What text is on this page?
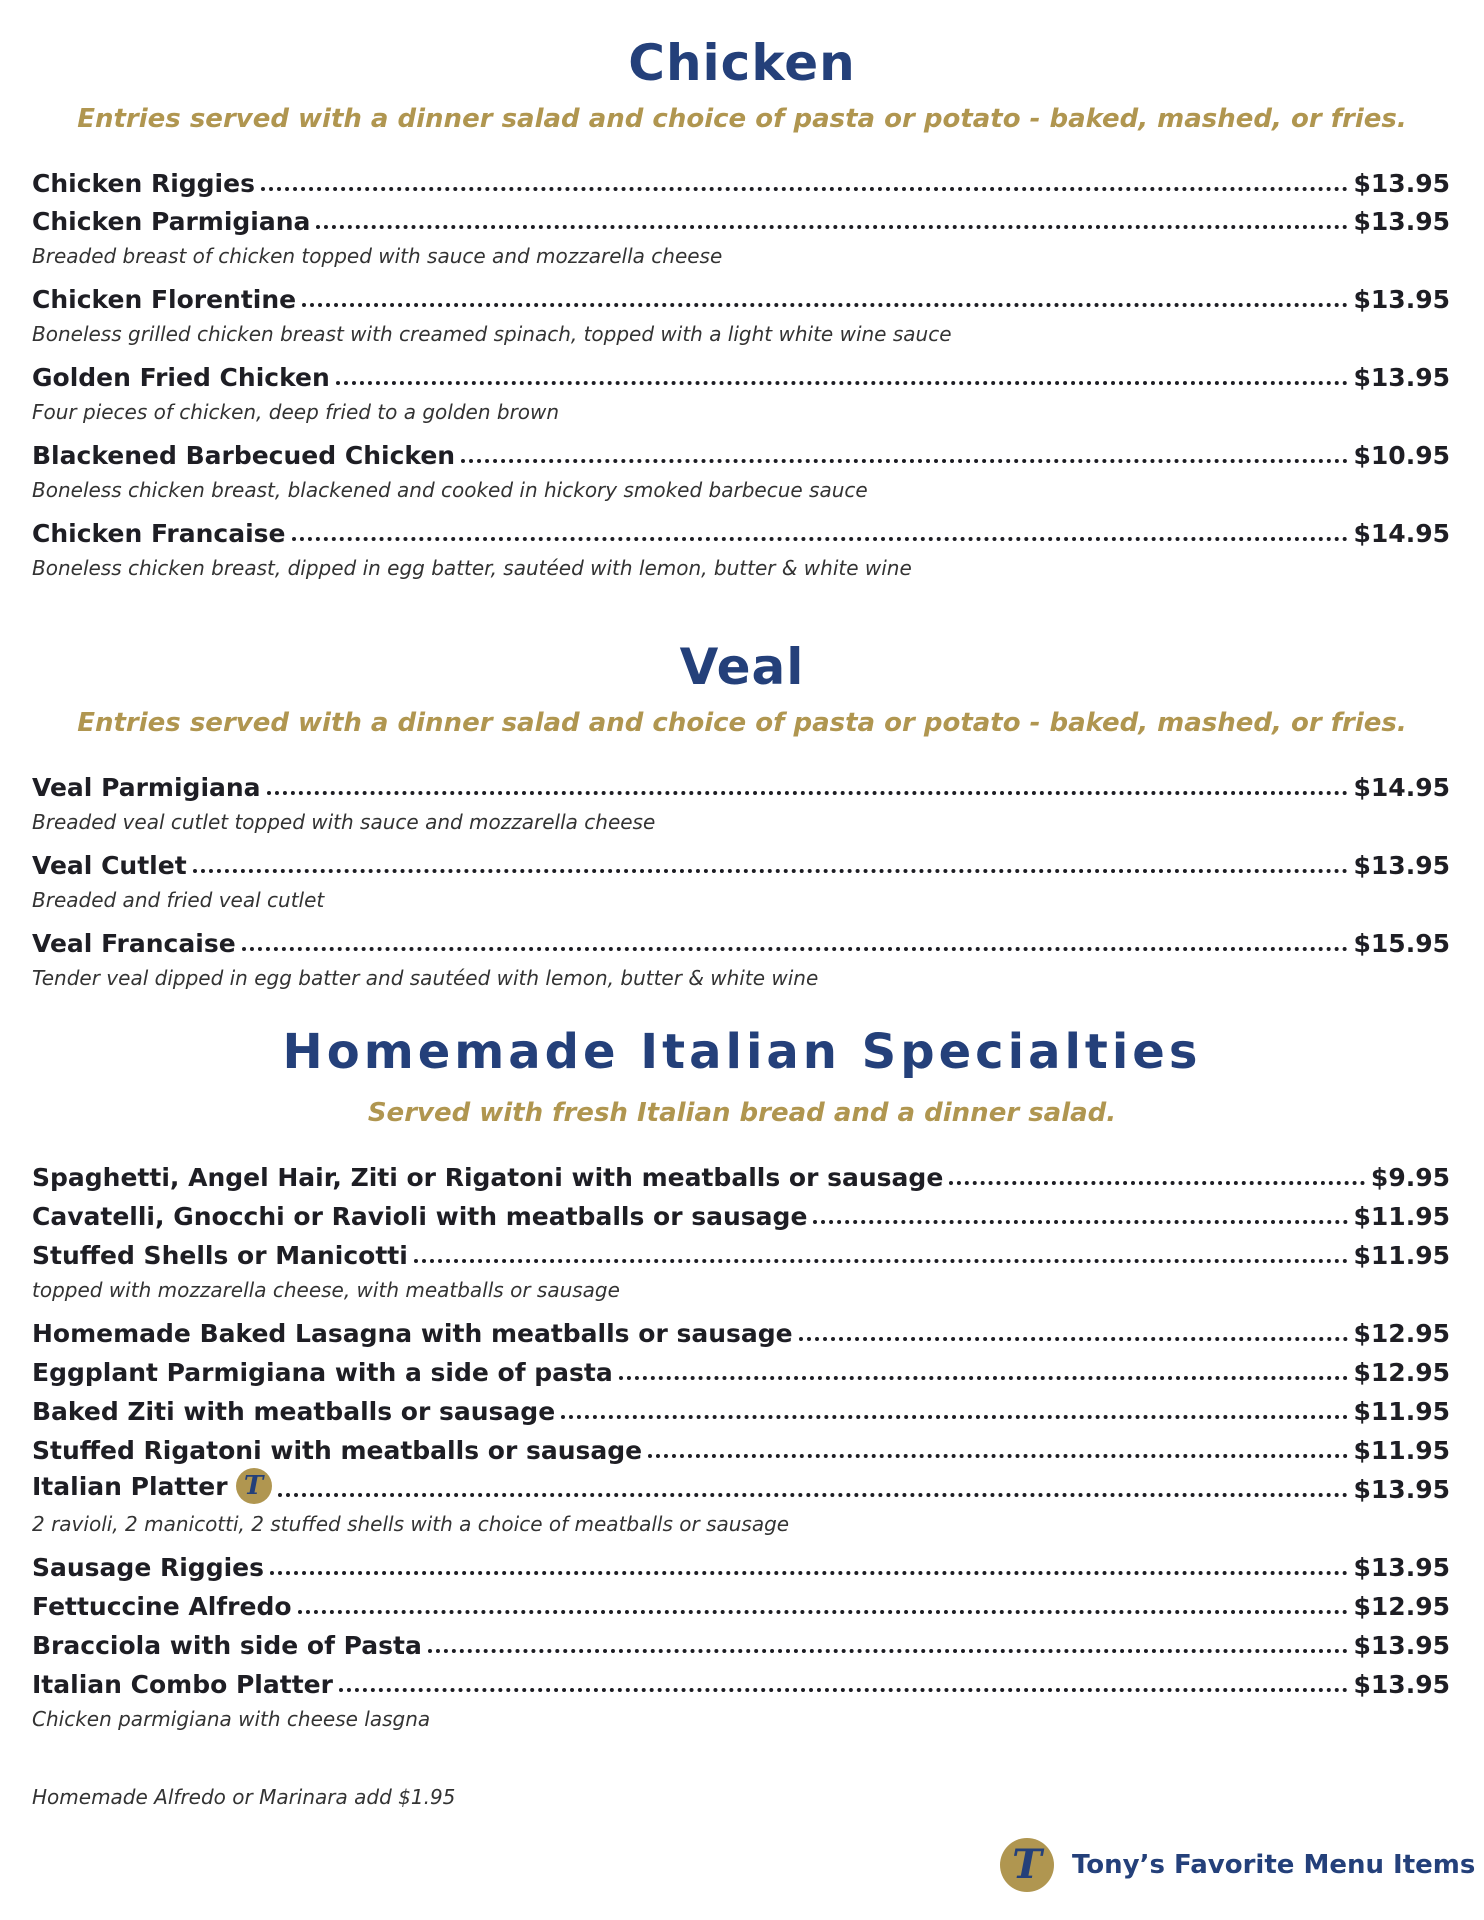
Chicken
Entries served with a dinner salad and choice of pasta or potato - baked, mashed, or fries.
Chicken Riggies	$13.95
Chicken Parmigiana	$13.95
Breaded breast of chicken topped with sauce and mozzarella cheese
Chicken Florentine	$13.95
Boneless grilled chicken breast with creamed spinach, topped with a light white wine sauce
Golden Fried Chicken	$13.95
Four pieces of chicken, deep fried to a golden brown
Blackened Barbecued Chicken	$10.95
Boneless chicken breast, blackened and cooked in hickory smoked barbecue sauce
Chicken Francaise	$14.95
Boneless chicken breast, dipped in egg batter, sautéed with lemon, butter & white wine
Veal
Entries served with a dinner salad and choice of pasta or potato - baked, mashed, or fries.
Veal Parmigiana	$14.95
Breaded veal cutlet topped with sauce and mozzarella cheese
Veal Cutlet	$13.95
Breaded and fried veal cutlet
Veal Francaise	$15.95
Tender veal dipped in egg batter and sautéed with lemon, butter & white wine
Homemade Italian Specialties
Served with fresh Italian bread and a dinner salad.
Spaghetti, Angel Hair, Ziti or Rigatoni with meatballs or sausage	$9.95
Cavatelli, Gnocchi or Ravioli with meatballs or sausage	$11.95
Stuffed Shells or Manicotti	$11.95
topped with mozzarella cheese, with meatballs or sausage
Homemade Baked Lasagna with meatballs or sausage	$12.95
Eggplant Parmigiana with a side of pasta	$12.95
Baked Ziti with meatballs or sausage	$11.95
Stuffed Rigatoni with meatballs or sausage	$11.95
Italian Platter T	$13.95
2 ravioli, 2 manicotti, 2 stuffed shells with a choice of meatballs or sausage
Sausage Riggies	$13.95
Fettuccine Alfredo	$12.95
Bracciola with side of Pasta	$13.95
Italian Combo Platter	$13.95
Chicken parmigiana with cheese lasgna
Homemade Alfredo or Marinara add $1.95
T	Tony’s Favorite Menu Items
